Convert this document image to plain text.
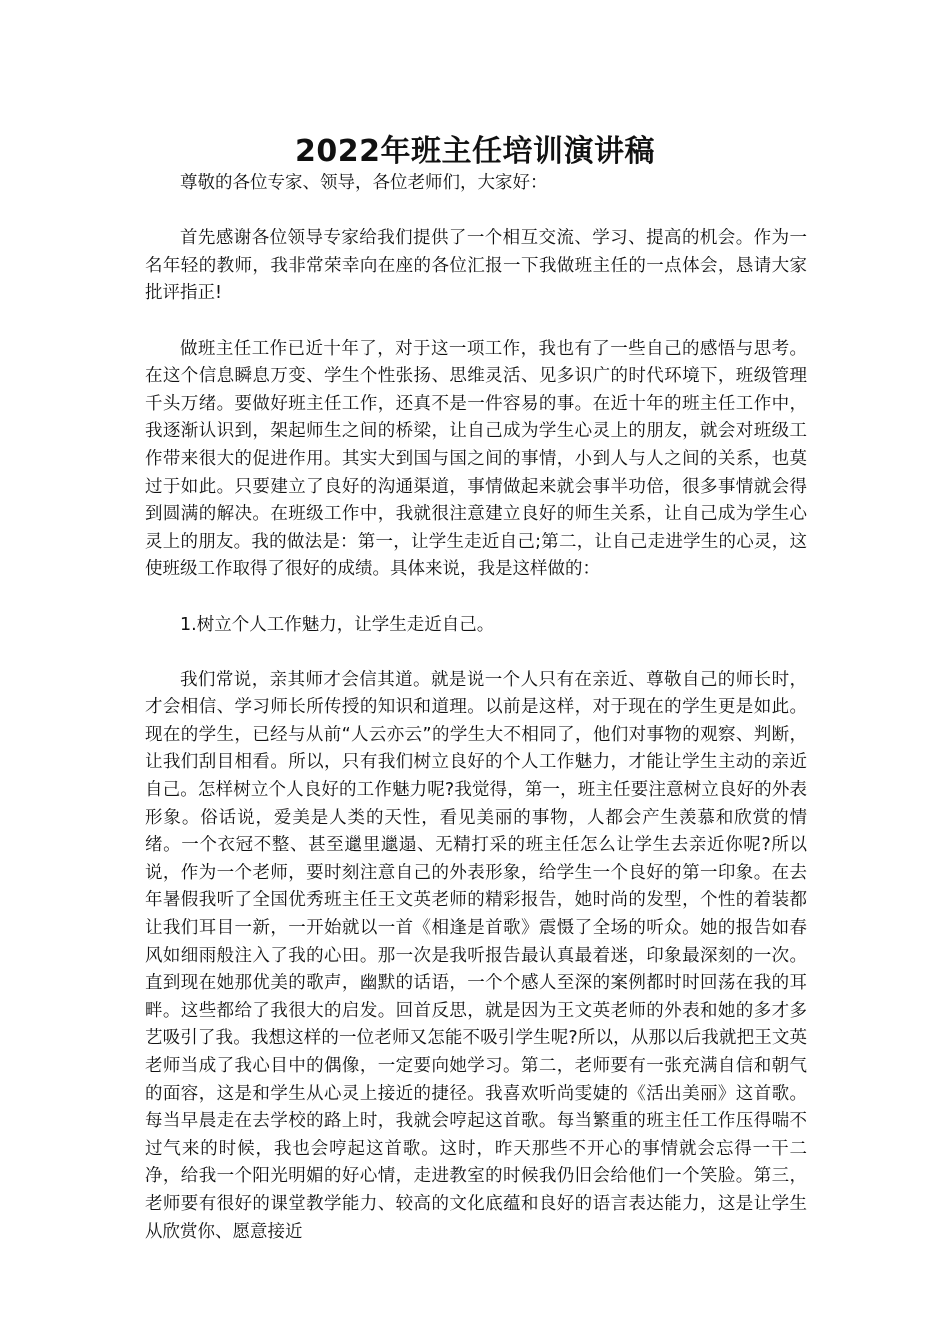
2022年班主任培训演讲稿

尊敬的各位专家、领导，各位老师们，大家好：

首先感谢各位领导专家给我们提供了一个相互交流、学习、提高的机会。作为一名年轻的教师，我非常荣幸向在座的各位汇报一下我做班主任的一点体会，恳请大家批评指正!

做班主任工作已近十年了，对于这一项工作，我也有了一些自己的感悟与思考。在这个信息瞬息万变、学生个性张扬、思维灵活、见多识广的时代环境下，班级管理千头万绪。要做好班主任工作，还真不是一件容易的事。在近十年的班主任工作中，我逐渐认识到，架起师生之间的桥梁，让自己成为学生心灵上的朋友，就会对班级工作带来很大的促进作用。其实大到国与国之间的事情，小到人与人之间的关系，也莫过于如此。只要建立了良好的沟通渠道，事情做起来就会事半功倍，很多事情就会得到圆满的解决。在班级工作中，我就很注意建立良好的师生关系，让自己成为学生心灵上的朋友。我的做法是：第一，让学生走近自己;第二，让自己走进学生的心灵，这使班级工作取得了很好的成绩。具体来说，我是这样做的：

1.树立个人工作魅力，让学生走近自己。

我们常说，亲其师才会信其道。就是说一个人只有在亲近、尊敬自己的师长时，才会相信、学习师长所传授的知识和道理。以前是这样，对于现在的学生更是如此。现在的学生，已经与从前“人云亦云”的学生大不相同了，他们对事物的观察、判断，让我们刮目相看。所以，只有我们树立良好的个人工作魅力，才能让学生主动的亲近自己。怎样树立个人良好的工作魅力呢?我觉得，第一，班主任要注意树立良好的外表形象。俗话说，爱美是人类的天性，看见美丽的事物，人都会产生羡慕和欣赏的情绪。一个衣冠不整、甚至邋里邋遢、无精打采的班主任怎么让学生去亲近你呢?所以说，作为一个老师，要时刻注意自己的外表形象，给学生一个良好的第一印象。在去年暑假我听了全国优秀班主任王文英老师的精彩报告，她时尚的发型，个性的着装都让我们耳目一新，一开始就以一首《相逢是首歌》震慑了全场的听众。她的报告如春风如细雨般注入了我的心田。那一次是我听报告最认真最着迷，印象最深刻的一次。直到现在她那优美的歌声，幽默的话语，一个个感人至深的案例都时时回荡在我的耳畔。这些都给了我很大的启发。回首反思，就是因为王文英老师的外表和她的多才多艺吸引了我。我想这样的一位老师又怎能不吸引学生呢?所以，从那以后我就把王文英老师当成了我心目中的偶像，一定要向她学习。第二，老师要有一张充满自信和朝气的面容，这是和学生从心灵上接近的捷径。我喜欢听尚雯婕的《活出美丽》这首歌。每当早晨走在去学校的路上时，我就会哼起这首歌。每当繁重的班主任工作压得喘不过气来的时候，我也会哼起这首歌。这时，昨天那些不开心的事情就会忘得一干二净，给我一个阳光明媚的好心情，走进教室的时候我仍旧会给他们一个笑脸。第三，老师要有很好的课堂教学能力、较高的文化底蕴和良好的语言表达能力，这是让学生从欣赏你、愿意接近
